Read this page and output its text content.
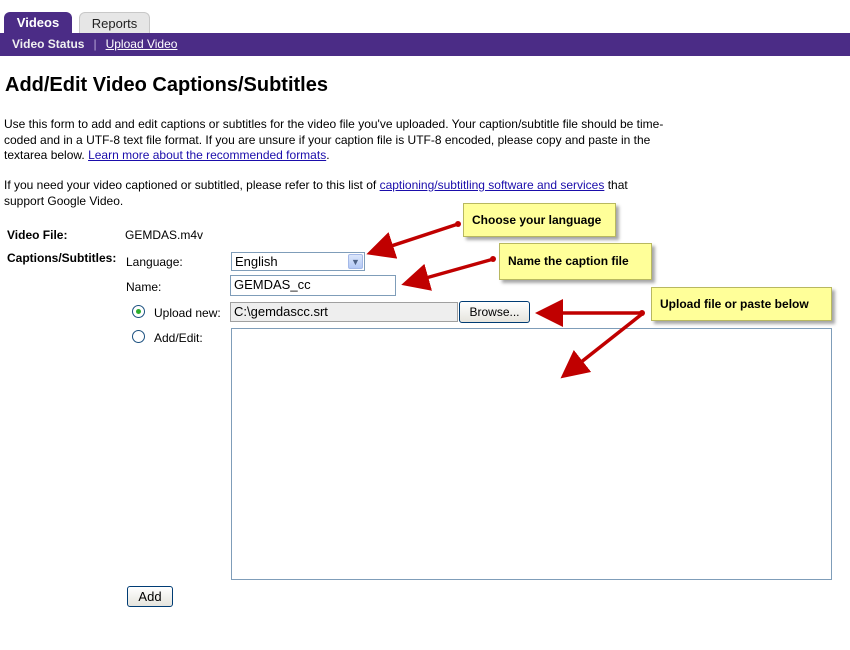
Videos	Reports
Video Status | Upload Video
Add/Edit Video Captions/Subtitles

Use this form to add and edit captions or subtitles for the video file you've uploaded. Your caption/subtitle file should be time-coded and in a UTF-8 text file format. If you are unsure if your caption file is UTF-8 encoded, please copy and paste in the textarea below. Learn more about the recommended formats.

If you need your video captioned or subtitled, please refer to this list of captioning/subtitling software and services that support Google Video.

Video File:	GEMDAS.m4v
Captions/Subtitles: Language:	English	▼
Name:	GEMDAS_cc
Upload new:	C:\gemdascc.srt	Browse...
Add/Edit:
Add
Choose your language
Name the caption file
Upload file or paste below
